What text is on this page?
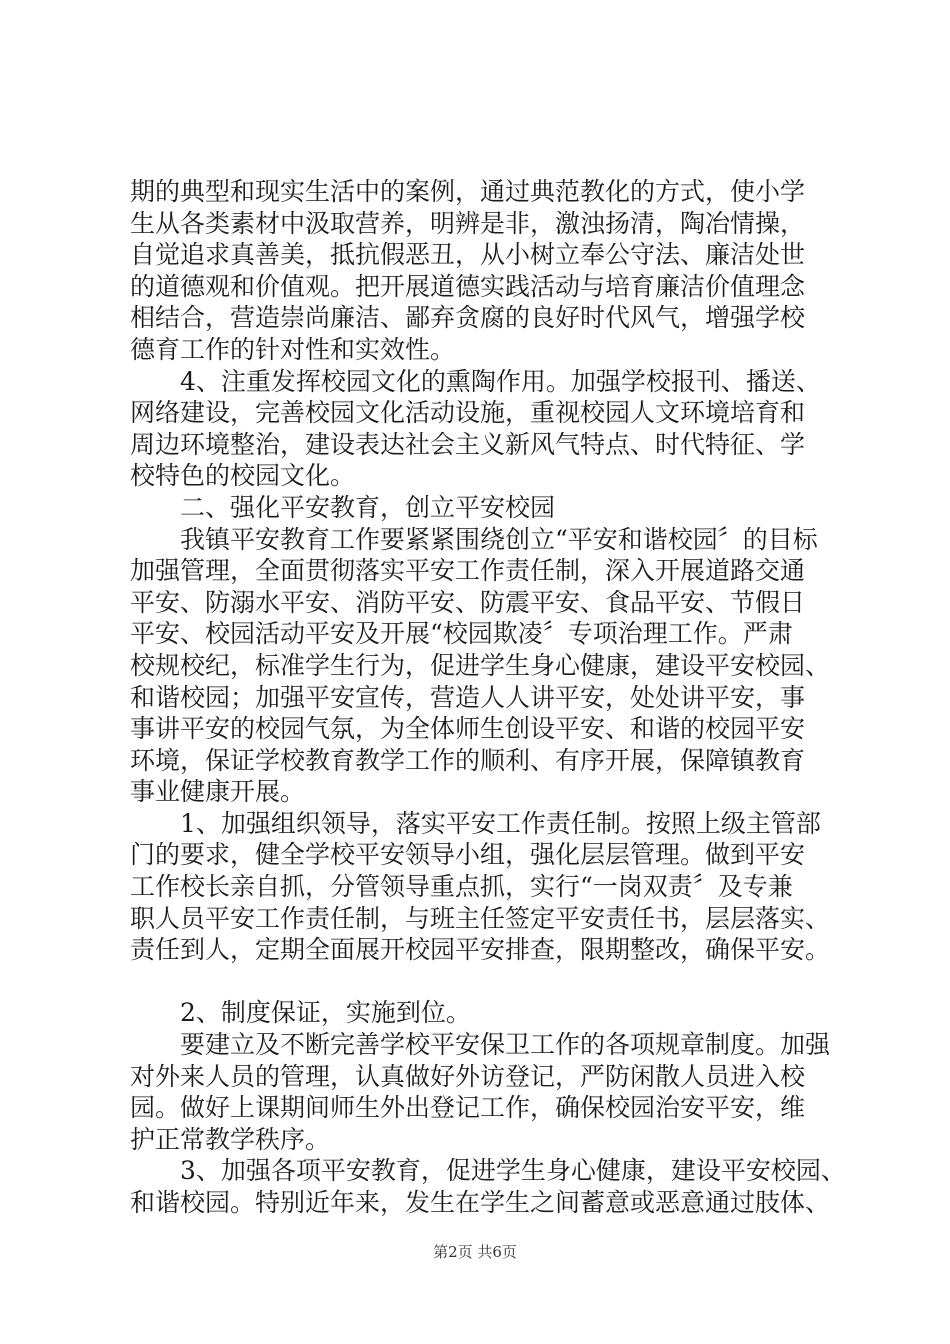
期的典型和现实生活中的案例，通过典范教化的方式，使小学
生从各类素材中汲取营养，明辨是非，激浊扬清，陶冶情操，
自觉追求真善美，抵抗假恶丑，从小树立奉公守法、廉洁处世
的道德观和价值观。把开展道德实践活动与培育廉洁价值理念
相结合，营造崇尚廉洁、鄙弃贪腐的良好时代风气，增强学校
德育工作的针对性和实效性。
4、注重发挥校园文化的熏陶作用。加强学校报刊、播送、
网络建设，完善校园文化活动设施，重视校园人文环境培育和
周边环境整治，建设表达社会主义新风气特点、时代特征、学
校特色的校园文化。
二、强化平安教育，创立平安校园
我镇平安教育工作要紧紧围绕创立“平安和谐校园〞的目标
加强管理，全面贯彻落实平安工作责任制，深入开展道路交通
平安、防溺水平安、消防平安、防震平安、食品平安、节假日
平安、校园活动平安及开展“校园欺凌〞专项治理工作。严肃
校规校纪，标准学生行为，促进学生身心健康，建设平安校园、
和谐校园；加强平安宣传，营造人人讲平安，处处讲平安，事
事讲平安的校园气氛，为全体师生创设平安、和谐的校园平安
环境，保证学校教育教学工作的顺利、有序开展，保障镇教育
事业健康开展。
1、加强组织领导，落实平安工作责任制。按照上级主管部
门的要求，健全学校平安领导小组，强化层层管理。做到平安
工作校长亲自抓，分管领导重点抓，实行“一岗双责〞及专兼
职人员平安工作责任制，与班主任签定平安责任书，层层落实、
责任到人，定期全面展开校园平安排查，限期整改，确保平安。
2、制度保证，实施到位。
要建立及不断完善学校平安保卫工作的各项规章制度。加强
对外来人员的管理，认真做好外访登记，严防闲散人员进入校
园。做好上课期间师生外出登记工作，确保校园治安平安，维
护正常教学秩序。
3、加强各项平安教育，促进学生身心健康，建设平安校园、
和谐校园。特别近年来，发生在学生之间蓄意或恶意通过肢体、
第2页 共6页
